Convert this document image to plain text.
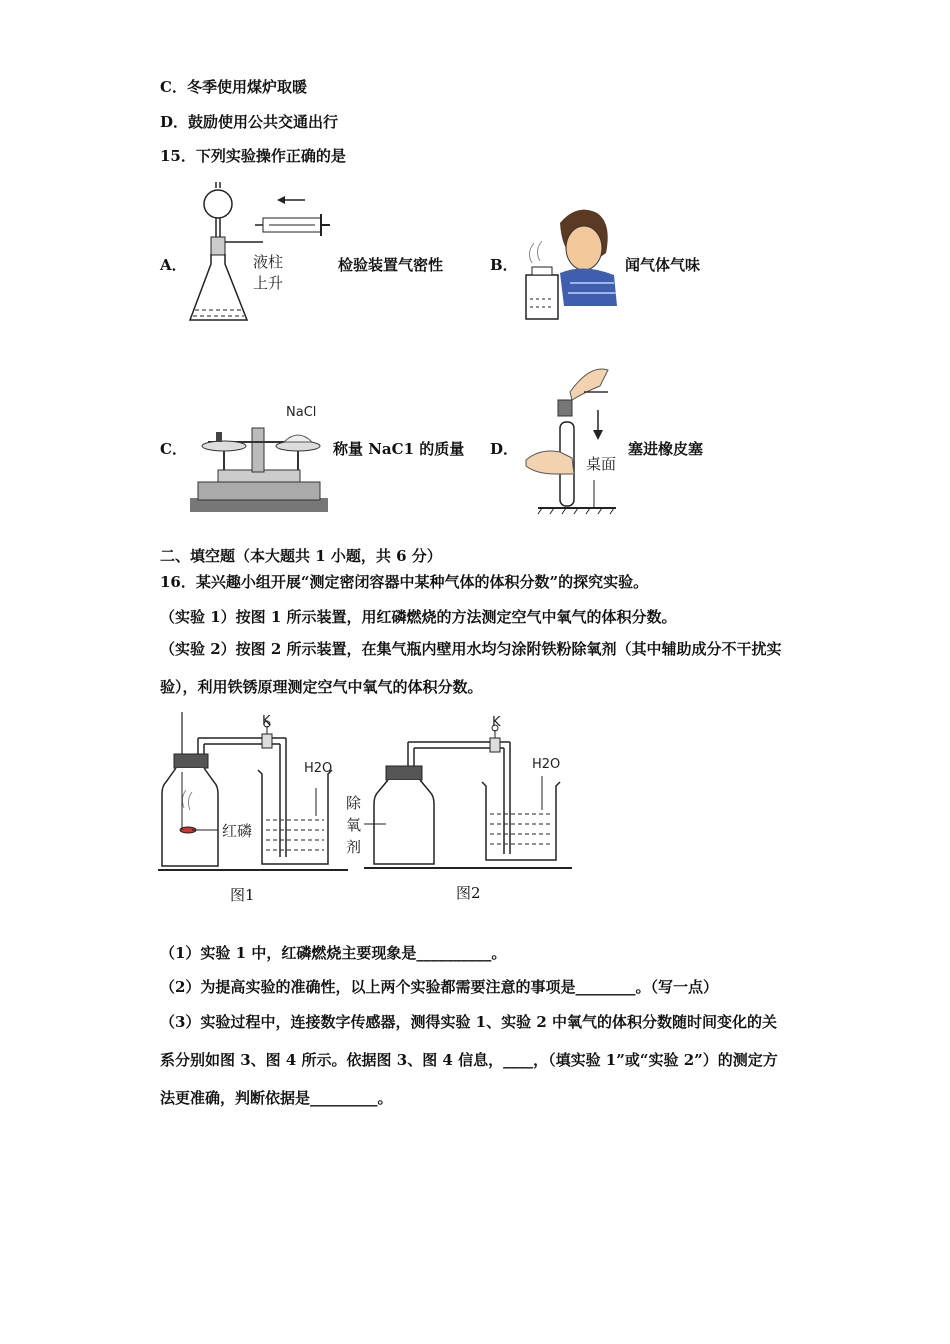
C．冬季使用煤炉取暖
D．鼓励使用公共交通出行
15．下列实验操作正确的是
A．	液柱
上升
检验装置气密性	B．	闻气体气味
C．
NaCl
称量 NaC1 的质量 D．
桌面
塞进橡皮塞
二、填空题（本大题共 1 小题，共 6 分）
16．某兴趣小组开展“测定密闭容器中某种气体的体积分数”的探究实验。
（实验 1）按图 1 所示装置，用红磷燃烧的方法测定空气中氧气的体积分数。
（实验 2）按图 2 所示装置，在集气瓶内壁用水均匀涂附铁粉除氧剂（其中辅助成分不干扰实验），利用铁锈原理测定空气中氧气的体积分数。
红磷
K
H2O
图1
K
除
氧
剂
H2O
图2
（1）实验 1 中，红磷燃烧主要现象是__________。
（2）为提高实验的准确性，以上两个实验都需要注意的事项是________。（写一点）
（3）实验过程中，连接数字传感器，测得实验 1、实验 2 中氧气的体积分数随时间变化的关系分别如图 3、图 4 所示。依据图 3、图 4 信息，____，（填实验 1”或“实验 2”）的测定方法更准确，判断依据是_________。
